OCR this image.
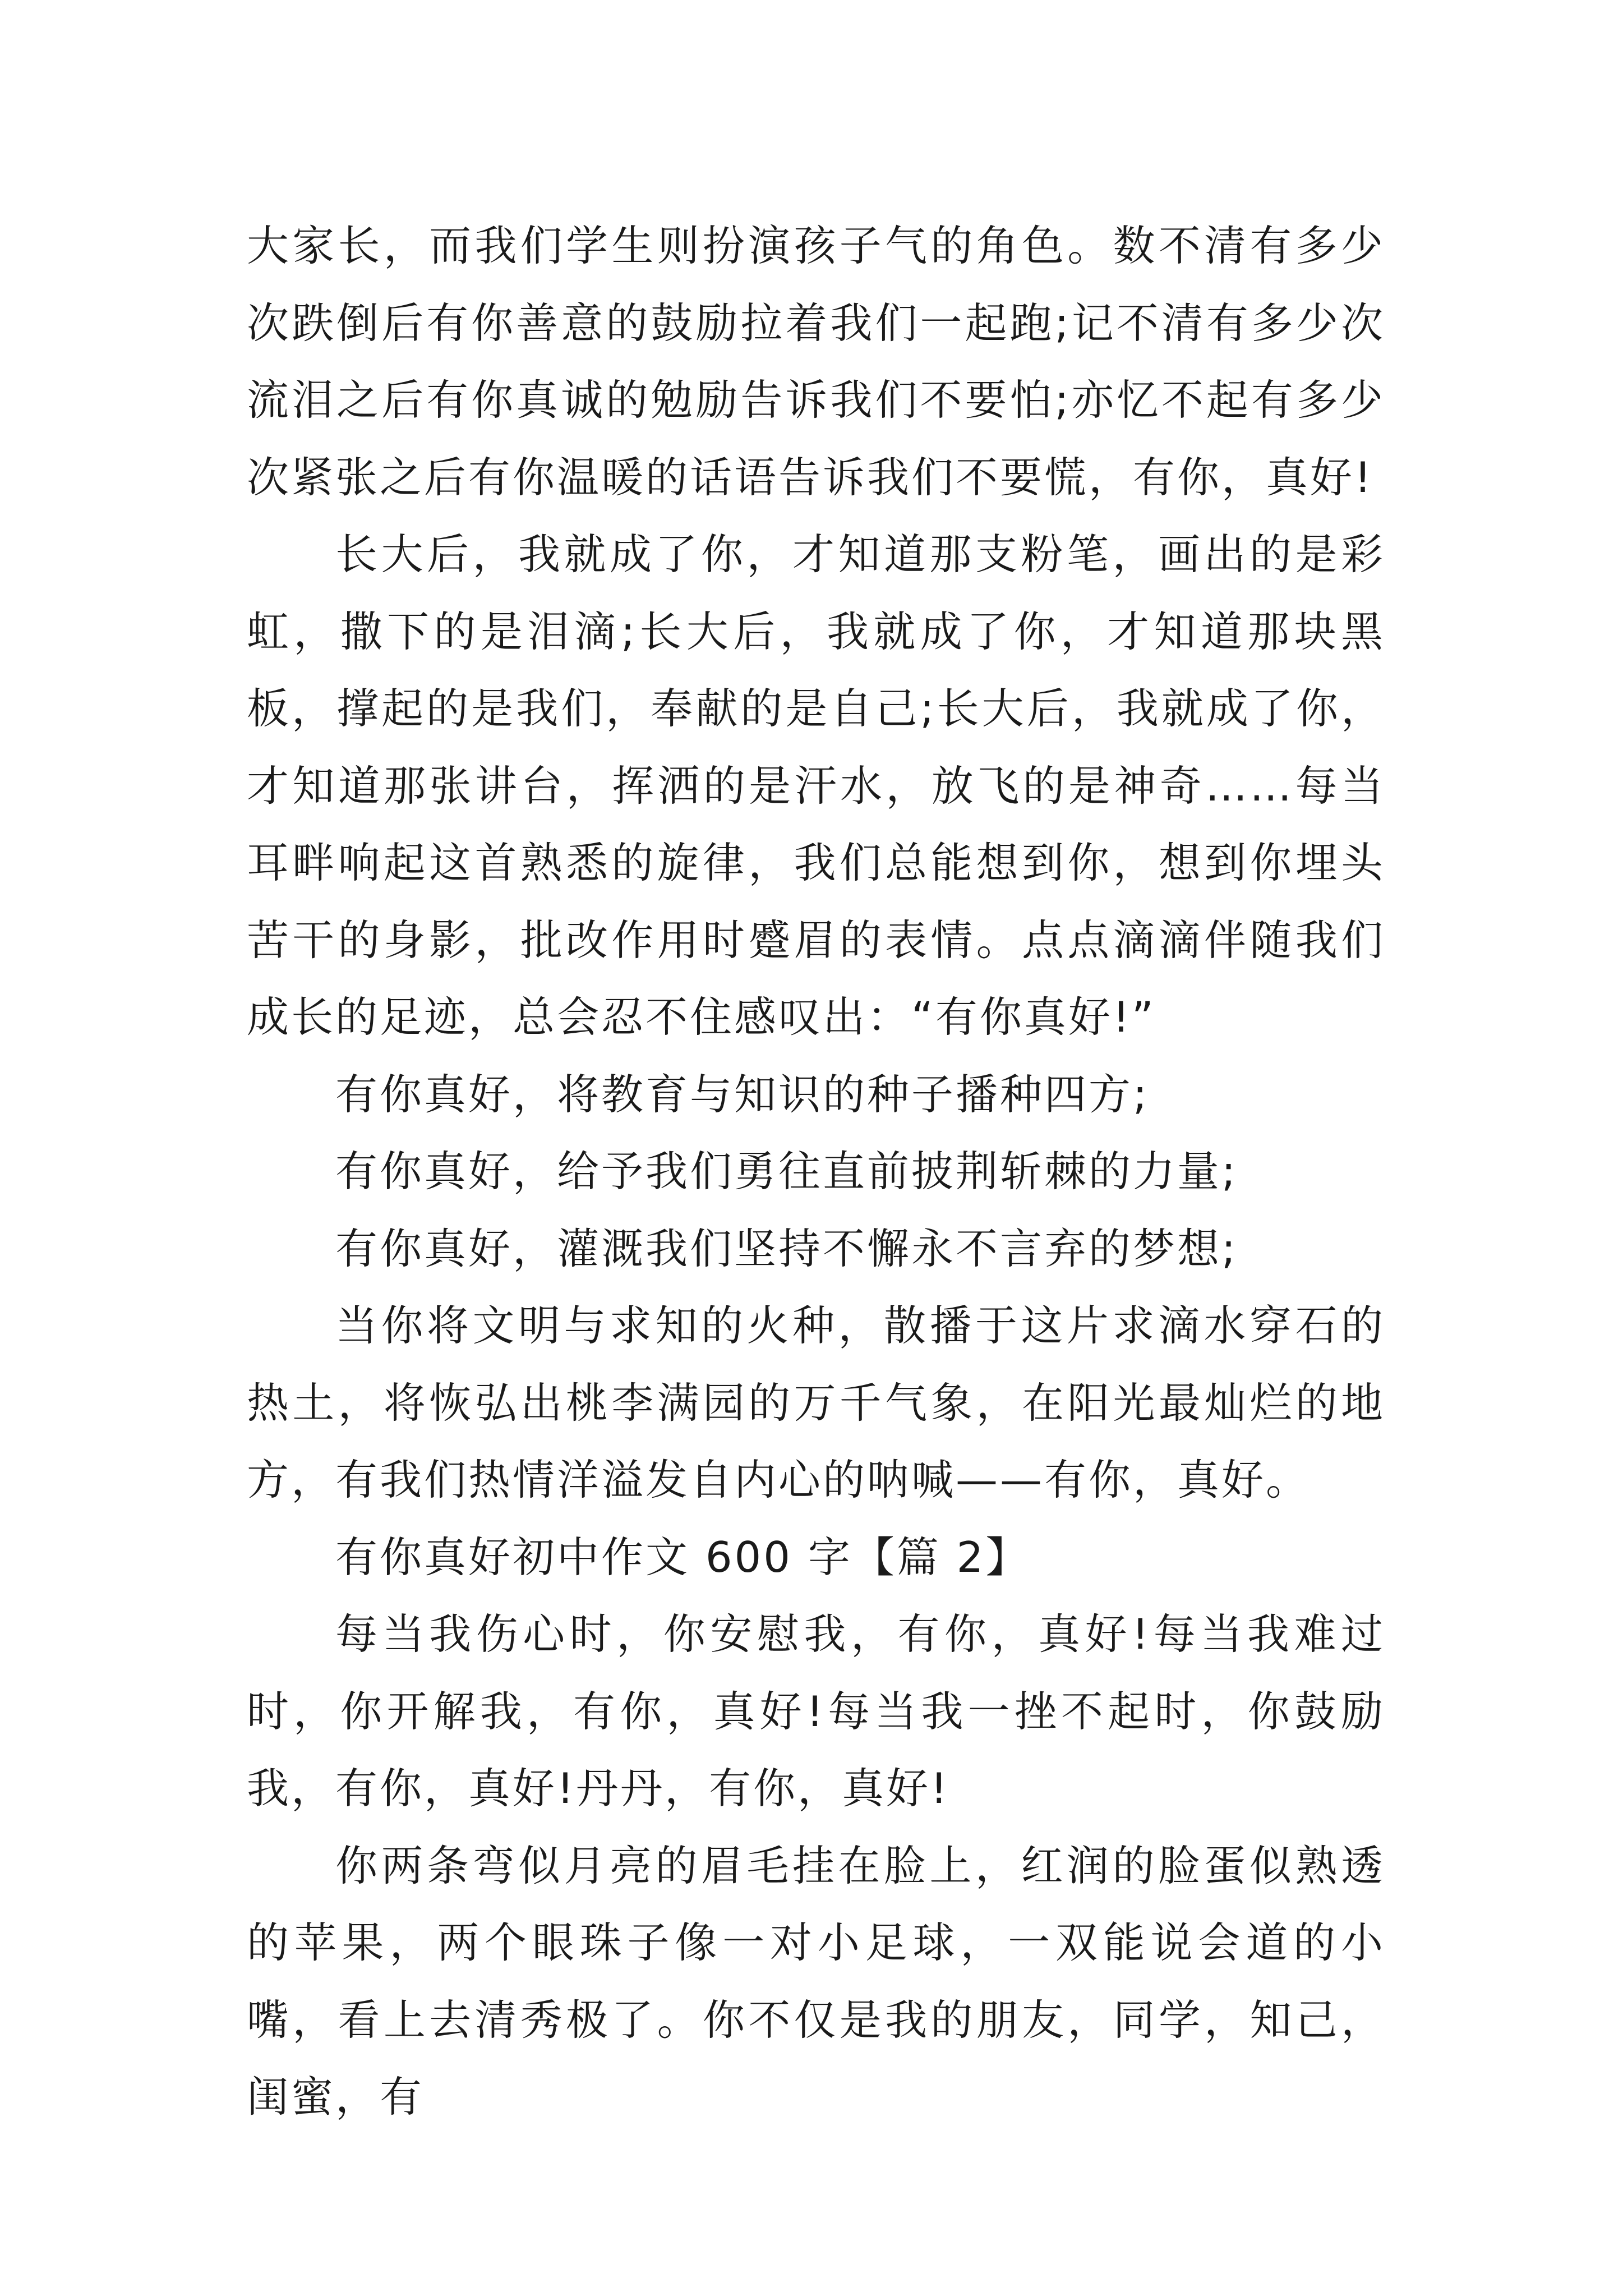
大家长，而我们学生则扮演孩子气的角色。数不清有多少次跌倒后有你善意的鼓励拉着我们一起跑;记不清有多少次流泪之后有你真诚的勉励告诉我们不要怕;亦忆不起有多少次紧张之后有你温暖的话语告诉我们不要慌，有你，真好!

长大后，我就成了你，才知道那支粉笔，画出的是彩虹，撒下的是泪滴;长大后，我就成了你，才知道那块黑板，撑起的是我们，奉献的是自己;长大后，我就成了你，才知道那张讲台，挥洒的是汗水，放飞的是神奇……每当耳畔响起这首熟悉的旋律，我们总能想到你，想到你埋头苦干的身影，批改作用时蹙眉的表情。点点滴滴伴随我们成长的足迹，总会忍不住感叹出：“有你真好!”

有你真好，将教育与知识的种子播种四方;

有你真好，给予我们勇往直前披荆斩棘的力量;

有你真好，灌溉我们坚持不懈永不言弃的梦想;

当你将文明与求知的火种，散播于这片求滴水穿石的热土，将恢弘出桃李满园的万千气象，在阳光最灿烂的地方，有我们热情洋溢发自内心的呐喊——有你，真好。

有你真好初中作文 600 字【篇 2】

每当我伤心时，你安慰我，有你，真好!每当我难过时，你开解我，有你，真好!每当我一挫不起时，你鼓励我，有你，真好!丹丹，有你，真好!

你两条弯似月亮的眉毛挂在脸上，红润的脸蛋似熟透的苹果，两个眼珠子像一对小足球，一双能说会道的小嘴，看上去清秀极了。你不仅是我的朋友，同学，知己，闺蜜，有
